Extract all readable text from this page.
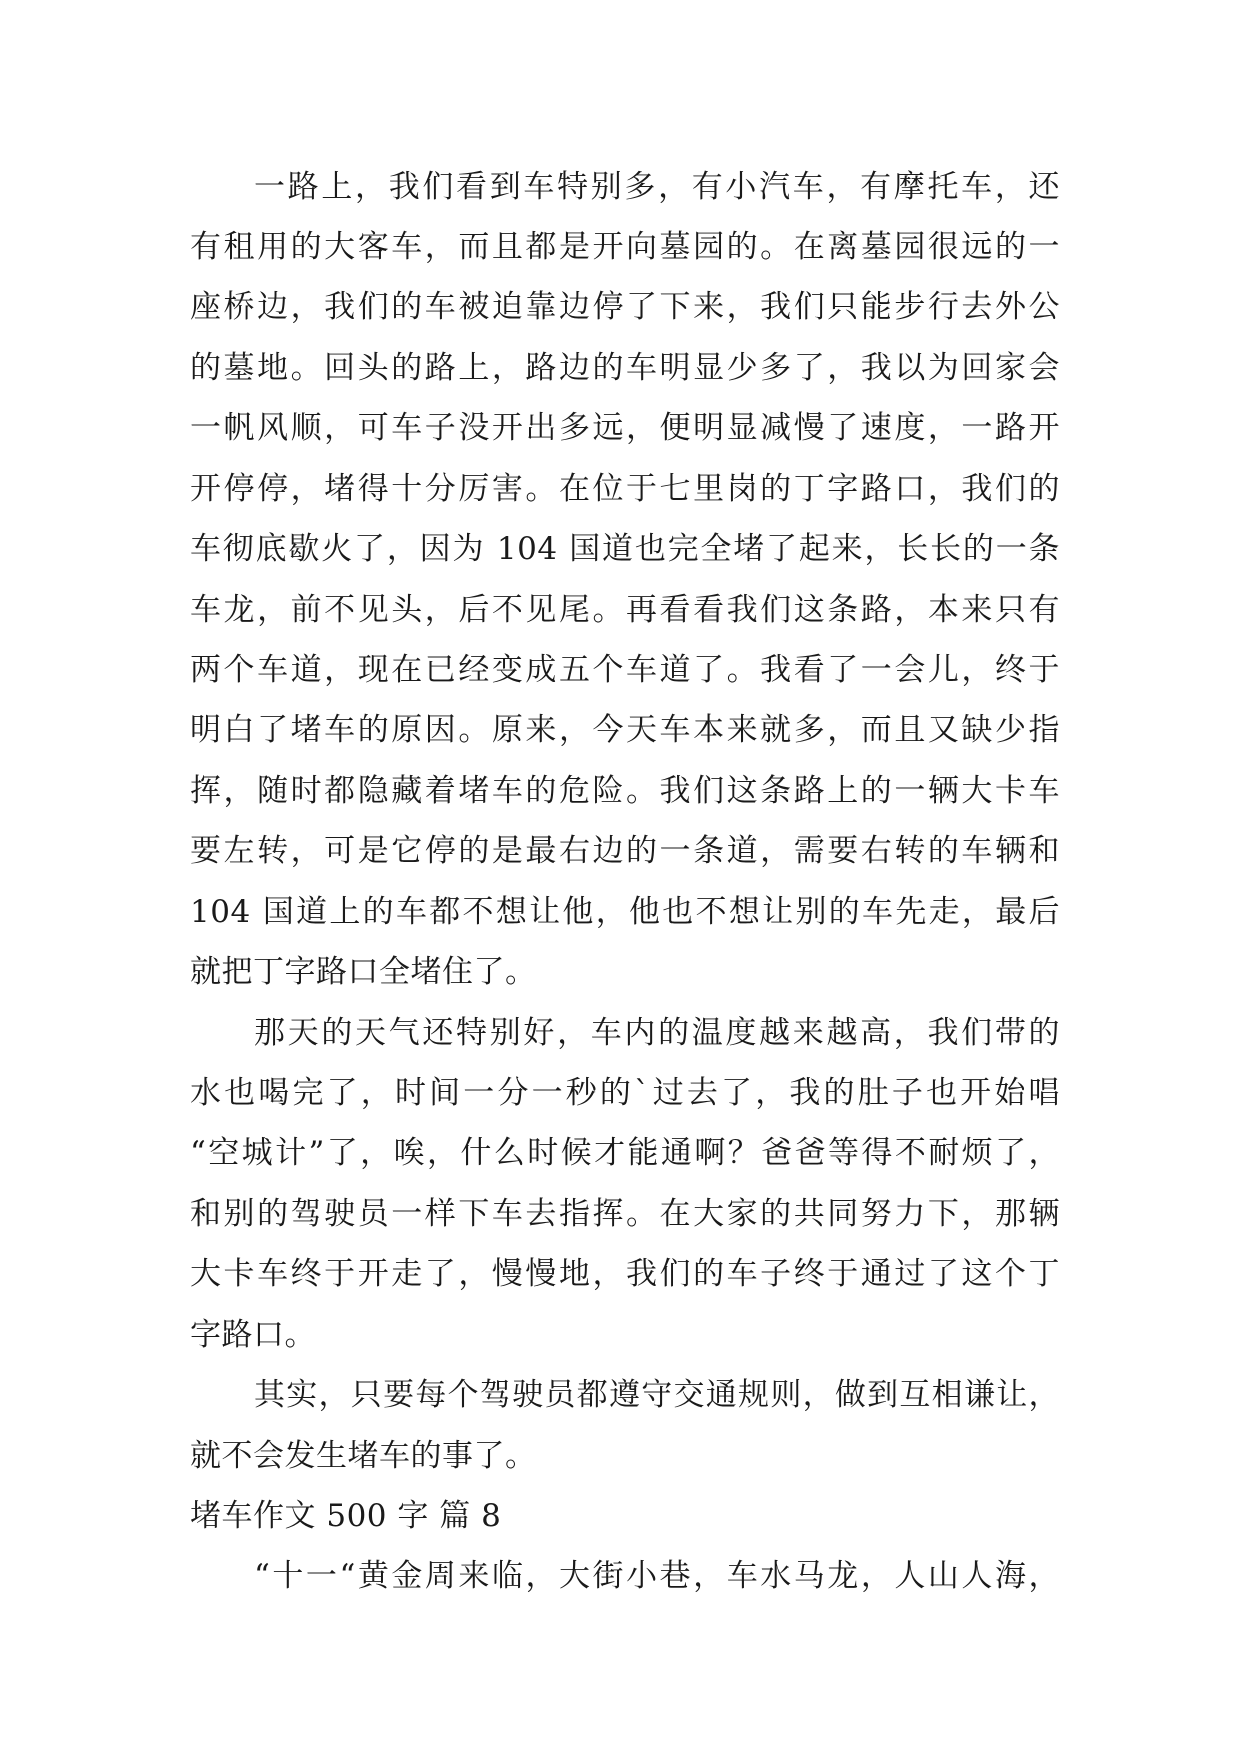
一路上，我们看到车特别多，有小汽车，有摩托车，还
有租用的大客车，而且都是开向墓园的。在离墓园很远的一
座桥边，我们的车被迫靠边停了下来，我们只能步行去外公
的墓地。回头的路上，路边的车明显少多了，我以为回家会
一帆风顺，可车子没开出多远，便明显减慢了速度，一路开
开停停，堵得十分厉害。在位于七里岗的丁字路口，我们的
车彻底歇火了，因为 104 国道也完全堵了起来，长长的一条
车龙，前不见头，后不见尾。再看看我们这条路，本来只有
两个车道，现在已经变成五个车道了。我看了一会儿，终于
明白了堵车的原因。原来，今天车本来就多，而且又缺少指
挥，随时都隐藏着堵车的危险。我们这条路上的一辆大卡车
要左转，可是它停的是最右边的一条道，需要右转的车辆和
104 国道上的车都不想让他，他也不想让别的车先走，最后
就把丁字路口全堵住了。
那天的天气还特别好，车内的温度越来越高，我们带的
水也喝完了，时间一分一秒的`过去了，我的肚子也开始唱
“空城计”了，唉，什么时候才能通啊？爸爸等得不耐烦了，
和别的驾驶员一样下车去指挥。在大家的共同努力下，那辆
大卡车终于开走了，慢慢地，我们的车子终于通过了这个丁
字路口。
其实，只要每个驾驶员都遵守交通规则，做到互相谦让，
就不会发生堵车的事了。
堵车作文 500 字 篇 8
“十一“黄金周来临，大街小巷，车水马龙，人山人海，
